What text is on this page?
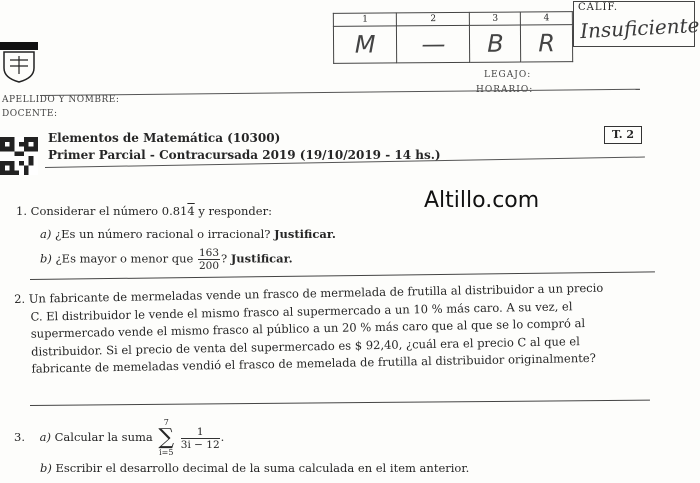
1	2	3	4
M	—	B	R
CALIF.
Insuficiente
APELLIDO Y NOMBRE:
DOCENTE:
LEGAJO:
HORARIO:
Elementos de Matemática (10300)
Primer Parcial - Contracursada 2019 (19/10/2019 - 14 hs.)
T. 2
Altillo.com
1. Considerar el número 0.814 y responder:
a) ¿Es un número racional o irracional? Justificar.
b) ¿Es mayor o menor que $\frac{163}{200}$ ? Justificar.
2. Un fabricante de mermeladas vende un frasco de mermelada de frutilla al distribuidor a un precio
C. El distribuidor le vende el mismo frasco al supermercado a un 10 % más caro. A su vez, el
supermercado vende el mismo frasco al público a un 20 % más caro que al que se lo compró al
distribuidor. Si el precio de venta del supermercado es $ 92,40, ¿cuál era el precio C al que el
fabricante de memeladas vendió el frasco de memelada de frutilla al distribuidor originalmente?
3. a) Calcular la suma
7
∑
i=5

$\frac{1}{3i - 12}$ .
b) Escribir el desarrollo decimal de la suma calculada en el item anterior.
